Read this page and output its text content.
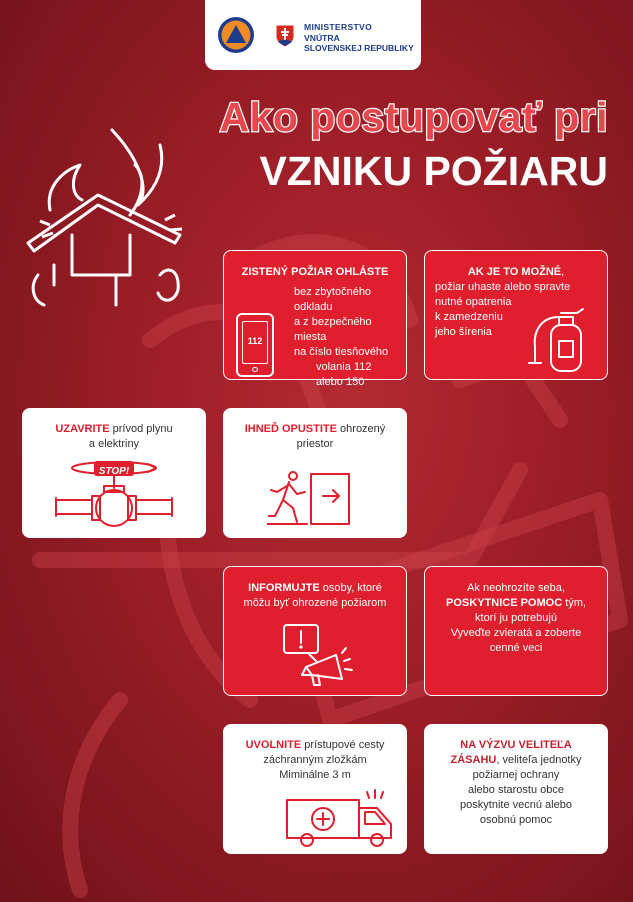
MINISTERSTVO
VNÚTRA
SLOVENSKEJ REPUBLIKY
Ako postupovať pri
VZNIKU POŽIARU
ZISTENÝ POŽIAR OHLÁSTE
bez zbytočného odkladu
a z bezpečného miesta
na číslo tiesňového
volania 112
alebo 150
112
AK JE TO MOŽNÉ,
požiar uhaste alebo spravte
nutné opatrenia
k zamedzeniu
jeho šírenia
UZAVRITE prívod plynu
a elektriny
STOP!
IHNEĎ OPUSTITE ohrozený
priestor
INFORMUJTE osoby, ktoré
môžu byť ohrozené požiarom
Ak neohrozíte seba,
POSKYTNICE POMOC tým,
ktorí ju potrebujú
Vyveďte zvieratá a zoberte
cenné veci
UVOLNITE prístupové cesty
záchranným zložkám
Miminálne 3 m
NA VÝZVU VELITEĽA
ZÁSAHU, veliteľa jednotky
požiarnej ochrany
alebo starostu obce
poskytnite vecnú alebo
osobnú pomoc
